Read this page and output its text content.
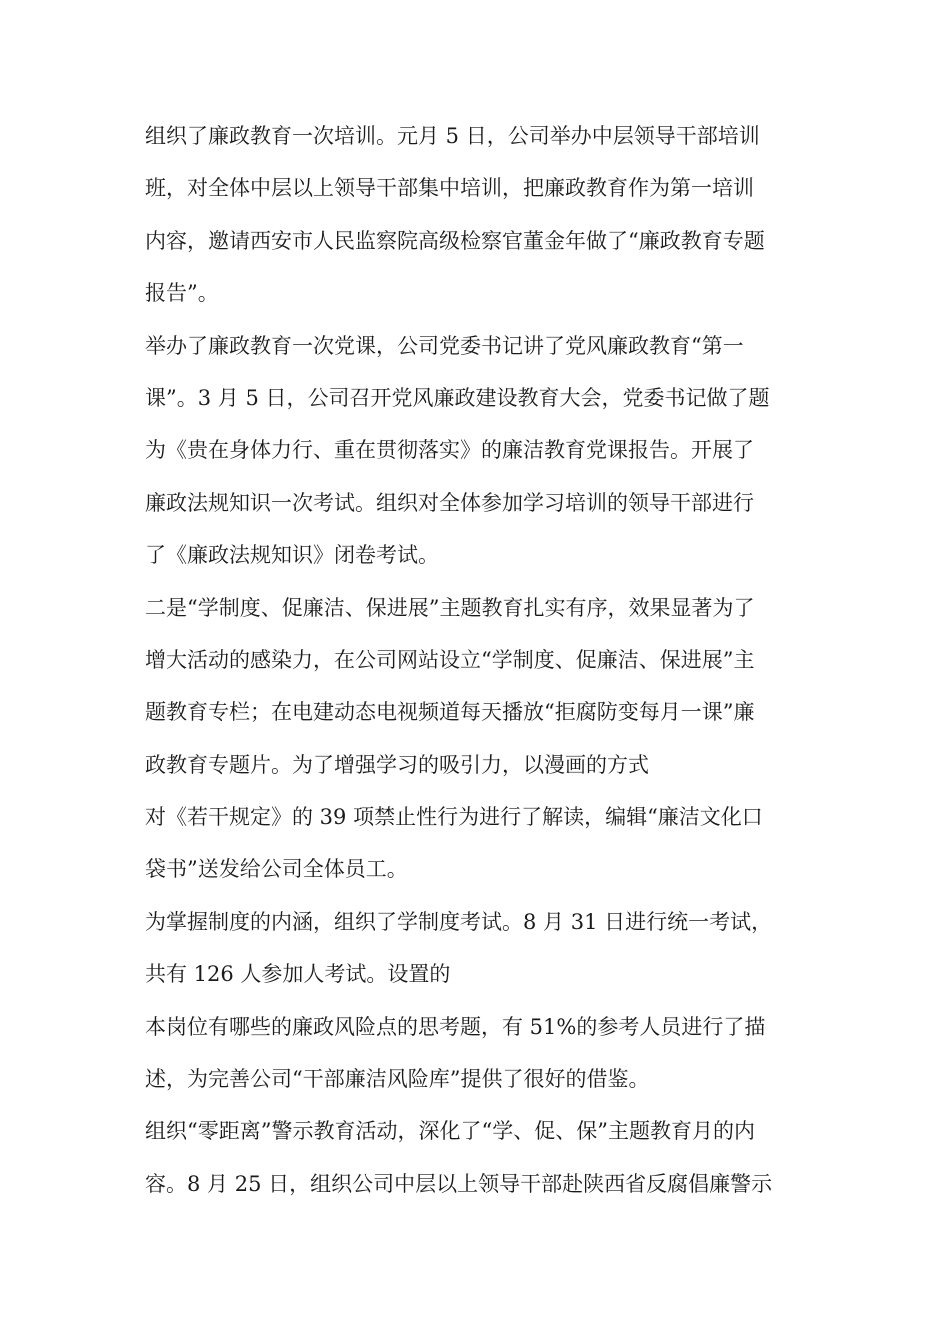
组织了廉政教育一次培训。元月 5 日，公司举办中层领导干部培训
班，对全体中层以上领导干部集中培训，把廉政教育作为第一培训
内容，邀请西安市人民监察院高级检察官董金年做了“廉政教育专题
报告”。
举办了廉政教育一次党课，公司党委书记讲了党风廉政教育“第一
课”。3 月 5 日，公司召开党风廉政建设教育大会，党委书记做了题
为《贵在身体力行、重在贯彻落实》的廉洁教育党课报告。开展了
廉政法规知识一次考试。组织对全体参加学习培训的领导干部进行
了《廉政法规知识》闭卷考试。
二是“学制度、促廉洁、保进展”主题教育扎实有序，效果显著为了
增大活动的感染力，在公司网站设立“学制度、促廉洁、保进展”主
题教育专栏；在电建动态电视频道每天播放“拒腐防变每月一课”廉
政教育专题片。为了增强学习的吸引力，以漫画的方式
对《若干规定》的 39 项禁止性行为进行了解读，编辑“廉洁文化口
袋书”送发给公司全体员工。
为掌握制度的内涵，组织了学制度考试。8 月 31 日进行统一考试，
共有 126 人参加人考试。设置的
本岗位有哪些的廉政风险点的思考题，有 51%的参考人员进行了描
述，为完善公司“干部廉洁风险库”提供了很好的借鉴。
组织“零距离”警示教育活动，深化了“学、促、保”主题教育月的内
容。8 月 25 日，组织公司中层以上领导干部赴陕西省反腐倡廉警示
